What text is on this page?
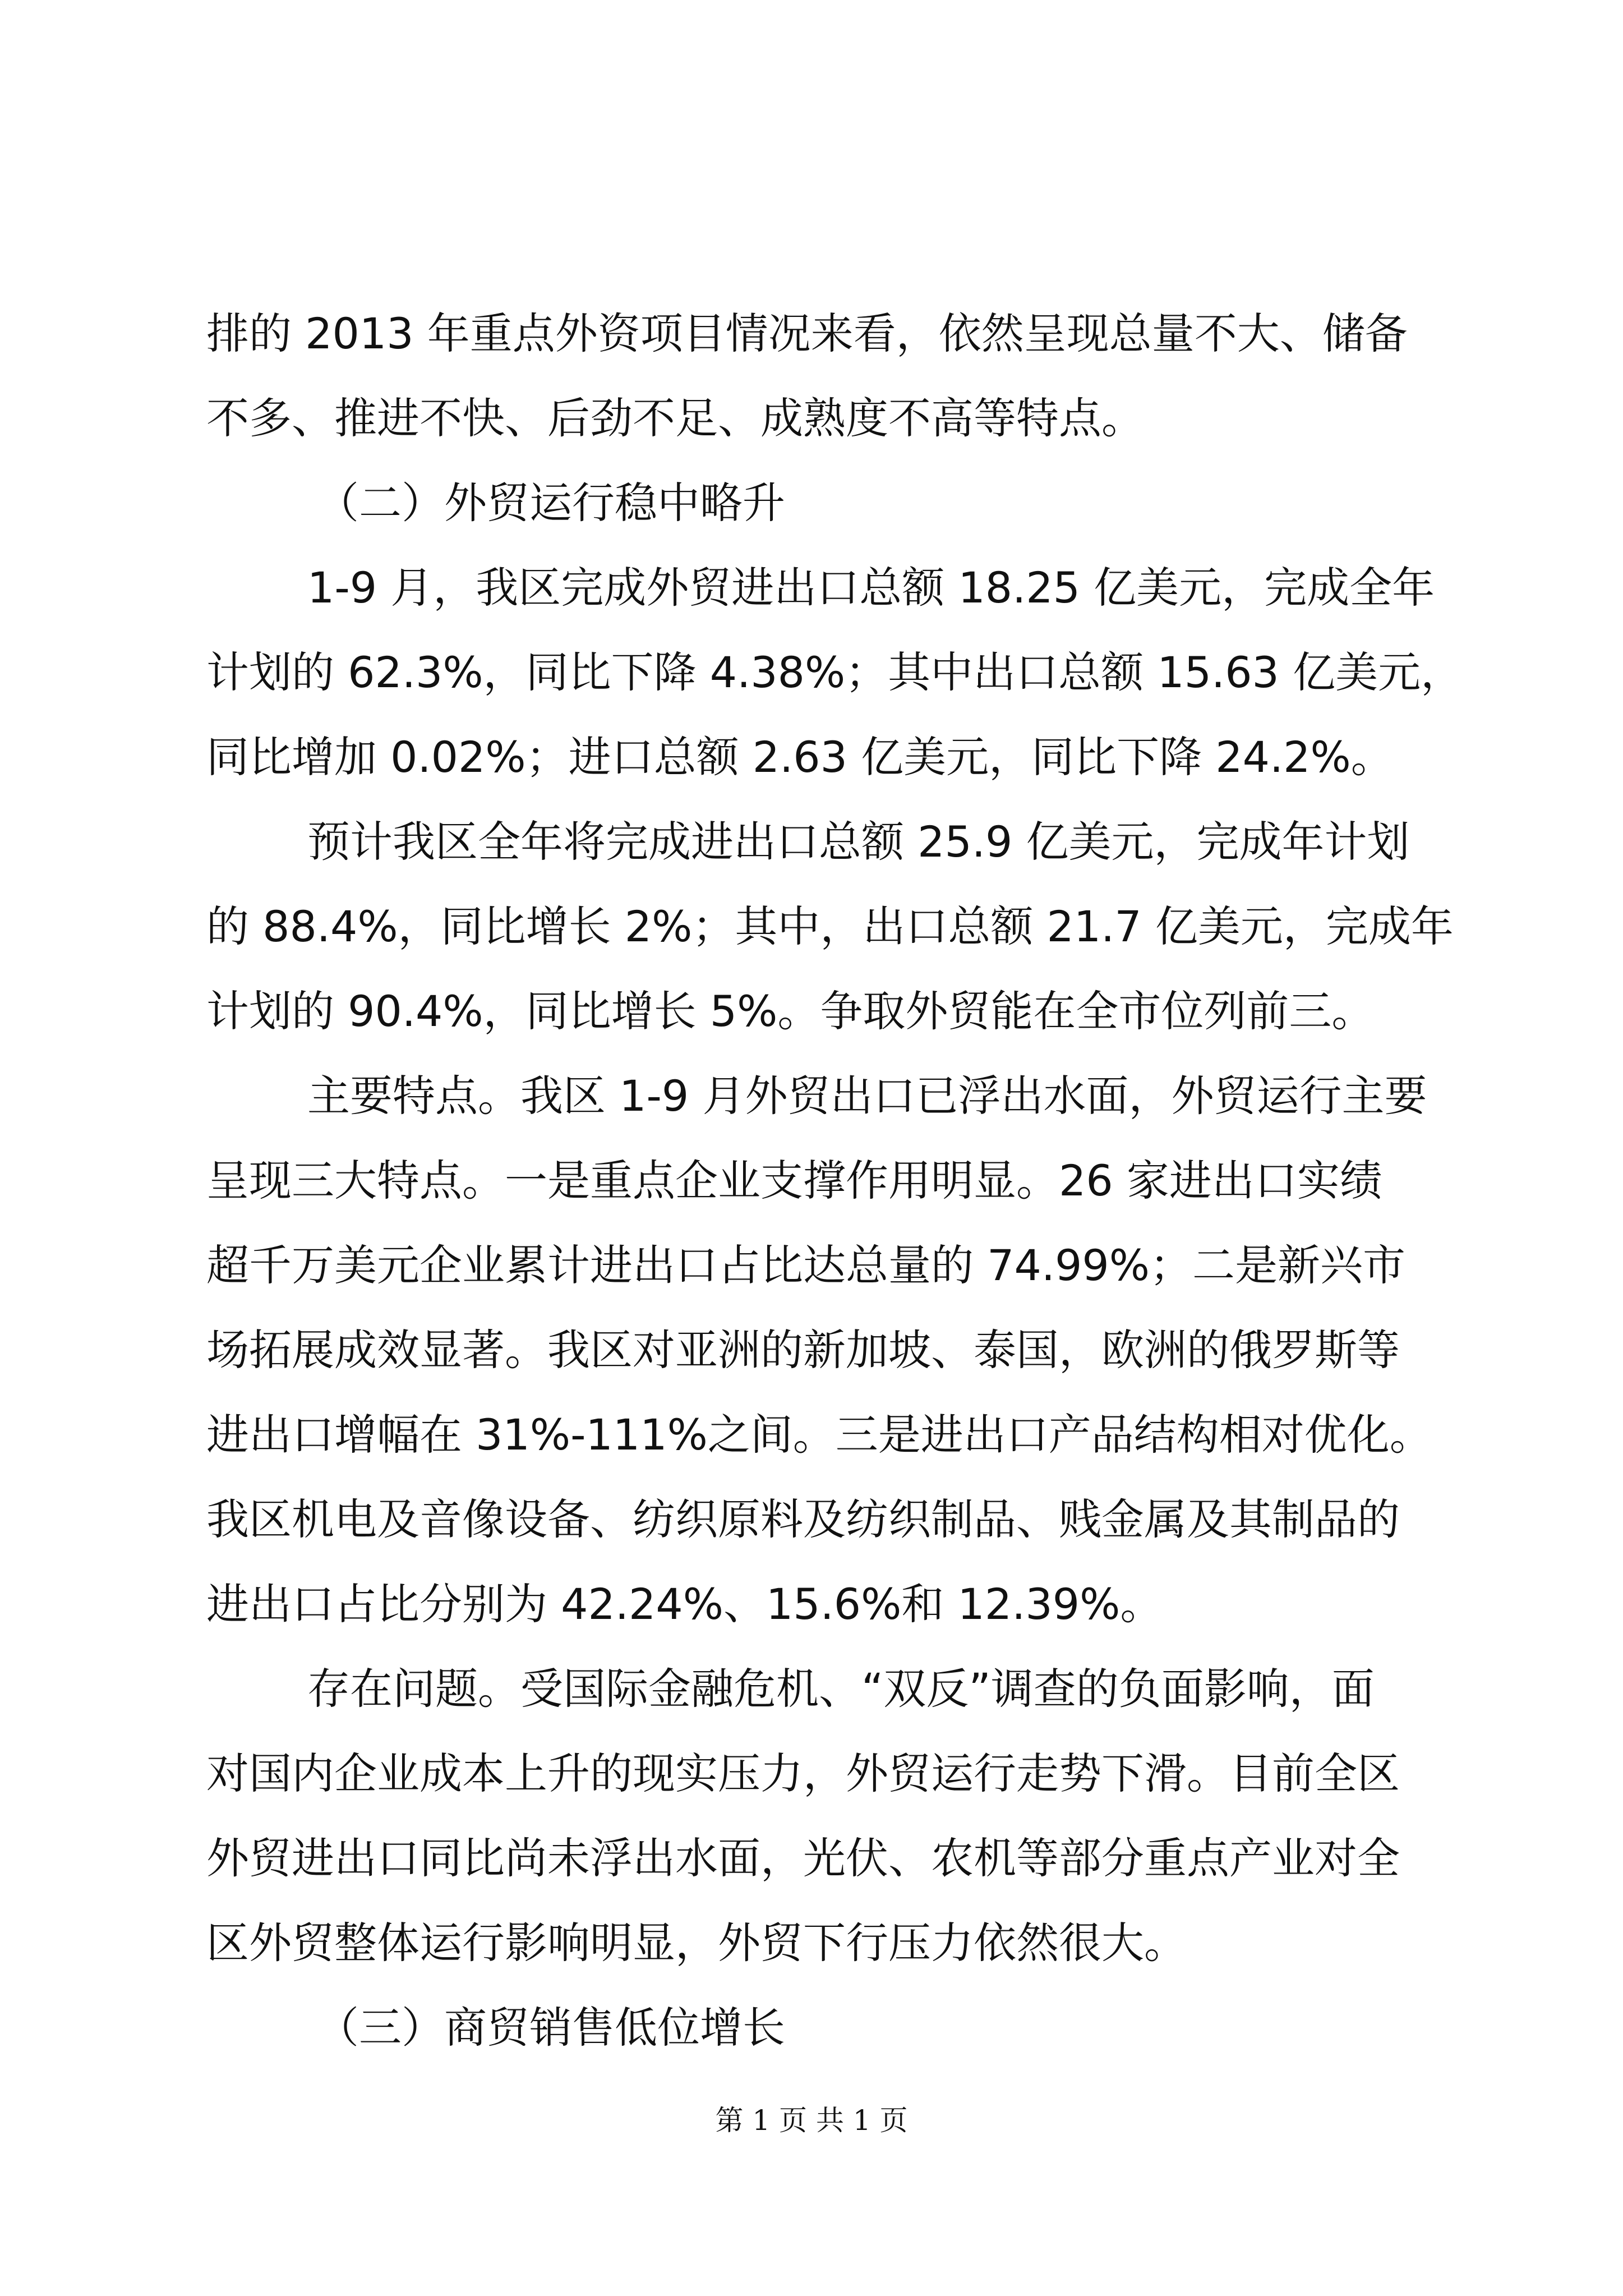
排的 2013 年重点外资项目情况来看，依然呈现总量不大、储备
不多、推进不快、后劲不足、成熟度不高等特点。
（二）外贸运行稳中略升
1-9 月，我区完成外贸进出口总额 18.25 亿美元，完成全年
计划的 62.3%，同比下降 4.38%；其中出口总额 15.63 亿美元，
同比增加 0.02%；进口总额 2.63 亿美元，同比下降 24.2%。
预计我区全年将完成进出口总额 25.9 亿美元，完成年计划
的 88.4%，同比增长 2%；其中，出口总额 21.7 亿美元，完成年
计划的 90.4%，同比增长 5%。争取外贸能在全市位列前三。
主要特点。我区 1-9 月外贸出口已浮出水面，外贸运行主要
呈现三大特点。一是重点企业支撑作用明显。26 家进出口实绩
超千万美元企业累计进出口占比达总量的 74.99%；二是新兴市
场拓展成效显著。我区对亚洲的新加坡、泰国，欧洲的俄罗斯等
进出口增幅在 31%-111%之间。三是进出口产品结构相对优化。
我区机电及音像设备、纺织原料及纺织制品、贱金属及其制品的
进出口占比分别为 42.24%、15.6%和 12.39%。
存在问题。受国际金融危机、“双反”调查的负面影响，面
对国内企业成本上升的现实压力，外贸运行走势下滑。目前全区
外贸进出口同比尚未浮出水面，光伏、农机等部分重点产业对全
区外贸整体运行影响明显，外贸下行压力依然很大。
（三）商贸销售低位增长
第 1 页 共 1 页
